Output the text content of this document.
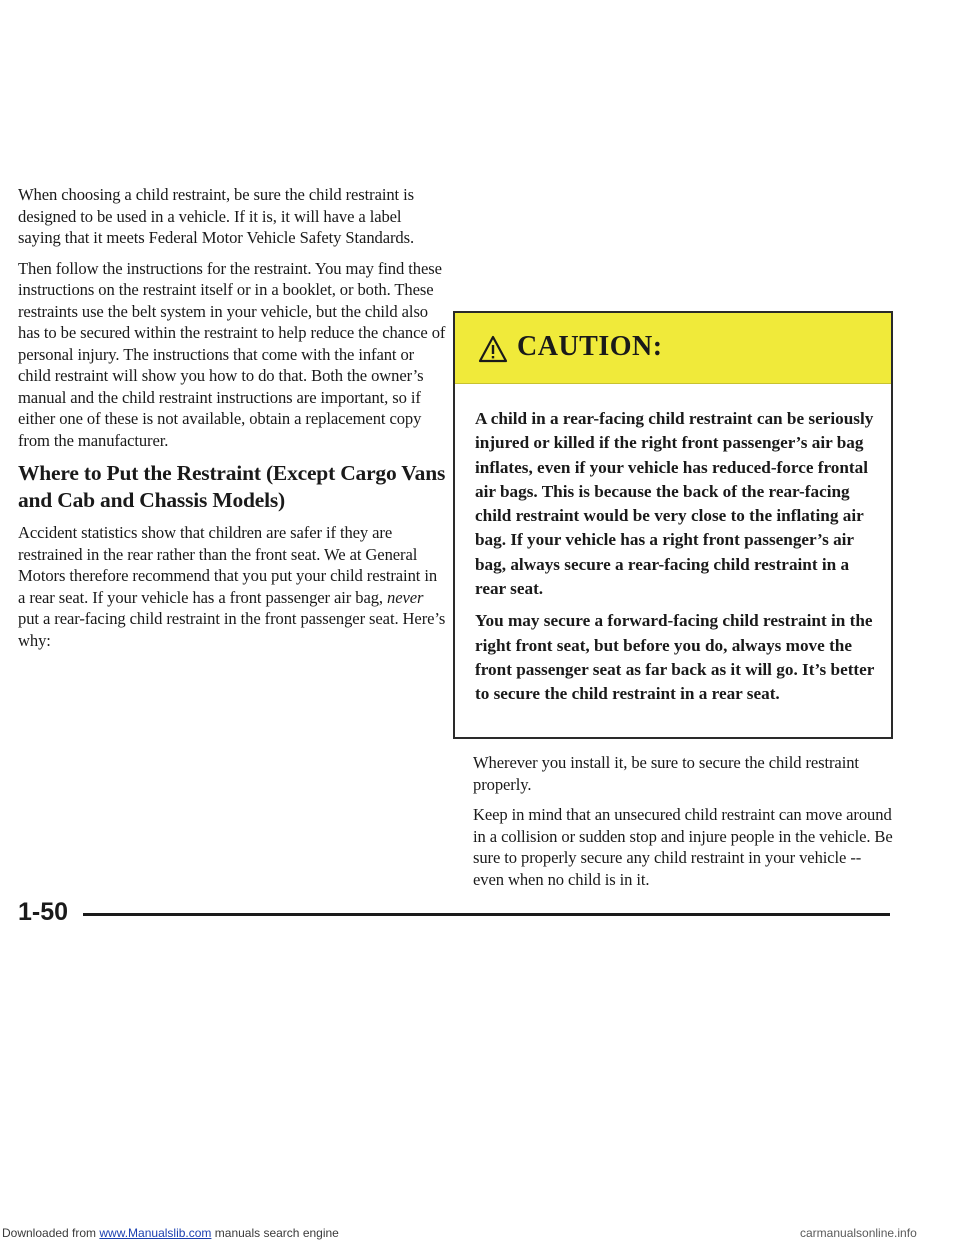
When choosing a child restraint, be sure the child restraint is designed to be used in a vehicle. If it is, it will have a label saying that it meets Federal Motor Vehicle Safety Standards.

Then follow the instructions for the restraint. You may find these instructions on the restraint itself or in a booklet, or both. These restraints use the belt system in your vehicle, but the child also has to be secured within the restraint to help reduce the chance of personal injury. The instructions that come with the infant or child restraint will show you how to do that. Both the owner’s manual and the child restraint instructions are important, so if either one of these is not available, obtain a replacement copy from the manufacturer.

Where to Put the Restraint (Except Cargo Vans and Cab and Chassis Models)

Accident statistics show that children are safer if they are restrained in the rear rather than the front seat. We at General Motors therefore recommend that you put your child restraint in a rear seat. If your vehicle has a front passenger air bag, never put a rear-facing child restraint in the front passenger seat. Here’s why:

CAUTION:

A child in a rear-facing child restraint can be seriously injured or killed if the right front passenger’s air bag inflates, even if your vehicle has reduced-force frontal air bags. This is because the back of the rear-facing child restraint would be very close to the inflating air bag. If your vehicle has a right front passenger’s air bag, always secure a rear-facing child restraint in a rear seat.

You may secure a forward-facing child restraint in the right front seat, but before you do, always move the front passenger seat as far back as it will go. It’s better to secure the child restraint in a rear seat.

Wherever you install it, be sure to secure the child restraint properly.

Keep in mind that an unsecured child restraint can move around in a collision or sudden stop and injure people in the vehicle. Be sure to properly secure any child restraint in your vehicle -- even when no child is in it.

1-50
Downloaded from www.Manualslib.com manuals search engine	carmanualsonline.info
